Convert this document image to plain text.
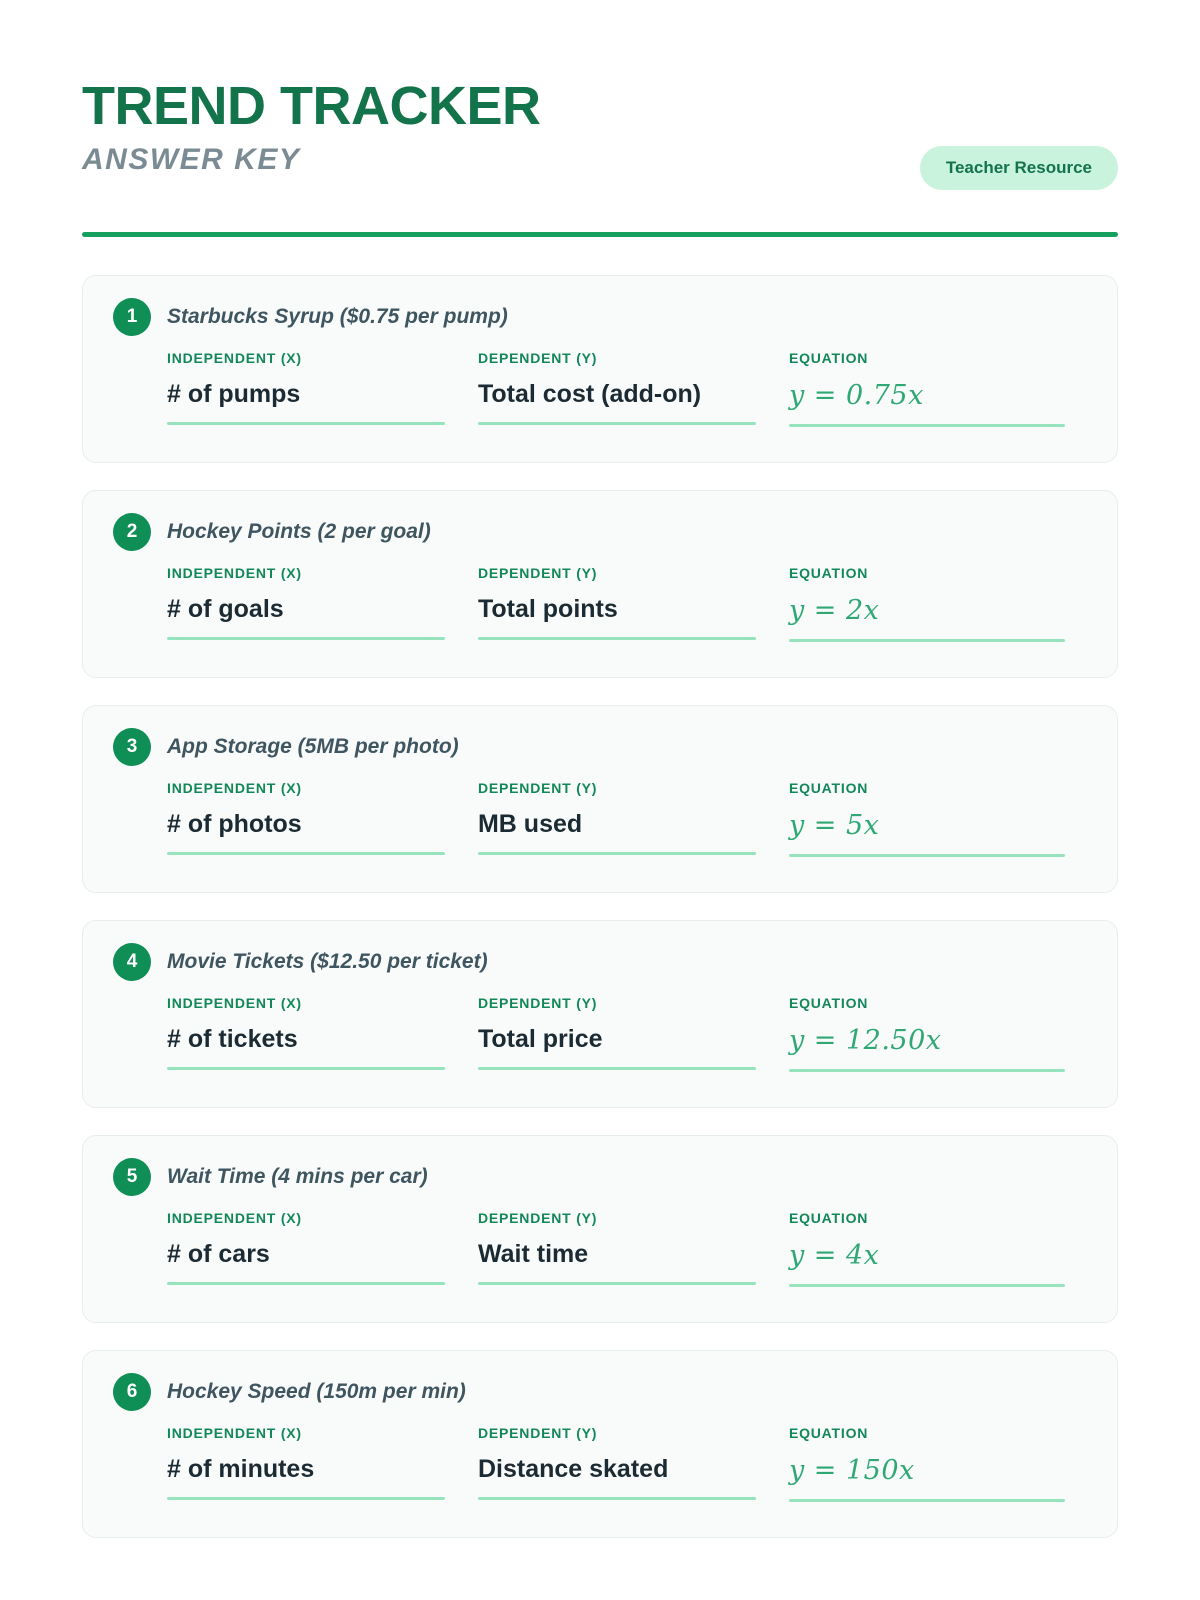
TREND TRACKER
ANSWER KEY	Teacher Resource
1	Starbucks Syrup ($0.75 per pump)
INDEPENDENT (X)
# of pumps
DEPENDENT (Y)
Total cost (add-on)
EQUATION
y = 0.75x
2	Hockey Points (2 per goal)
INDEPENDENT (X)
# of goals
DEPENDENT (Y)
Total points
EQUATION
y = 2x
3	App Storage (5MB per photo)
INDEPENDENT (X)
# of photos
DEPENDENT (Y)
MB used
EQUATION
y = 5x
4	Movie Tickets ($12.50 per ticket)
INDEPENDENT (X)
# of tickets
DEPENDENT (Y)
Total price
EQUATION
y = 12.50x
5	Wait Time (4 mins per car)
INDEPENDENT (X)
# of cars
DEPENDENT (Y)
Wait time
EQUATION
y = 4x
6	Hockey Speed (150m per min)
INDEPENDENT (X)
# of minutes
DEPENDENT (Y)
Distance skated
EQUATION
y = 150x
